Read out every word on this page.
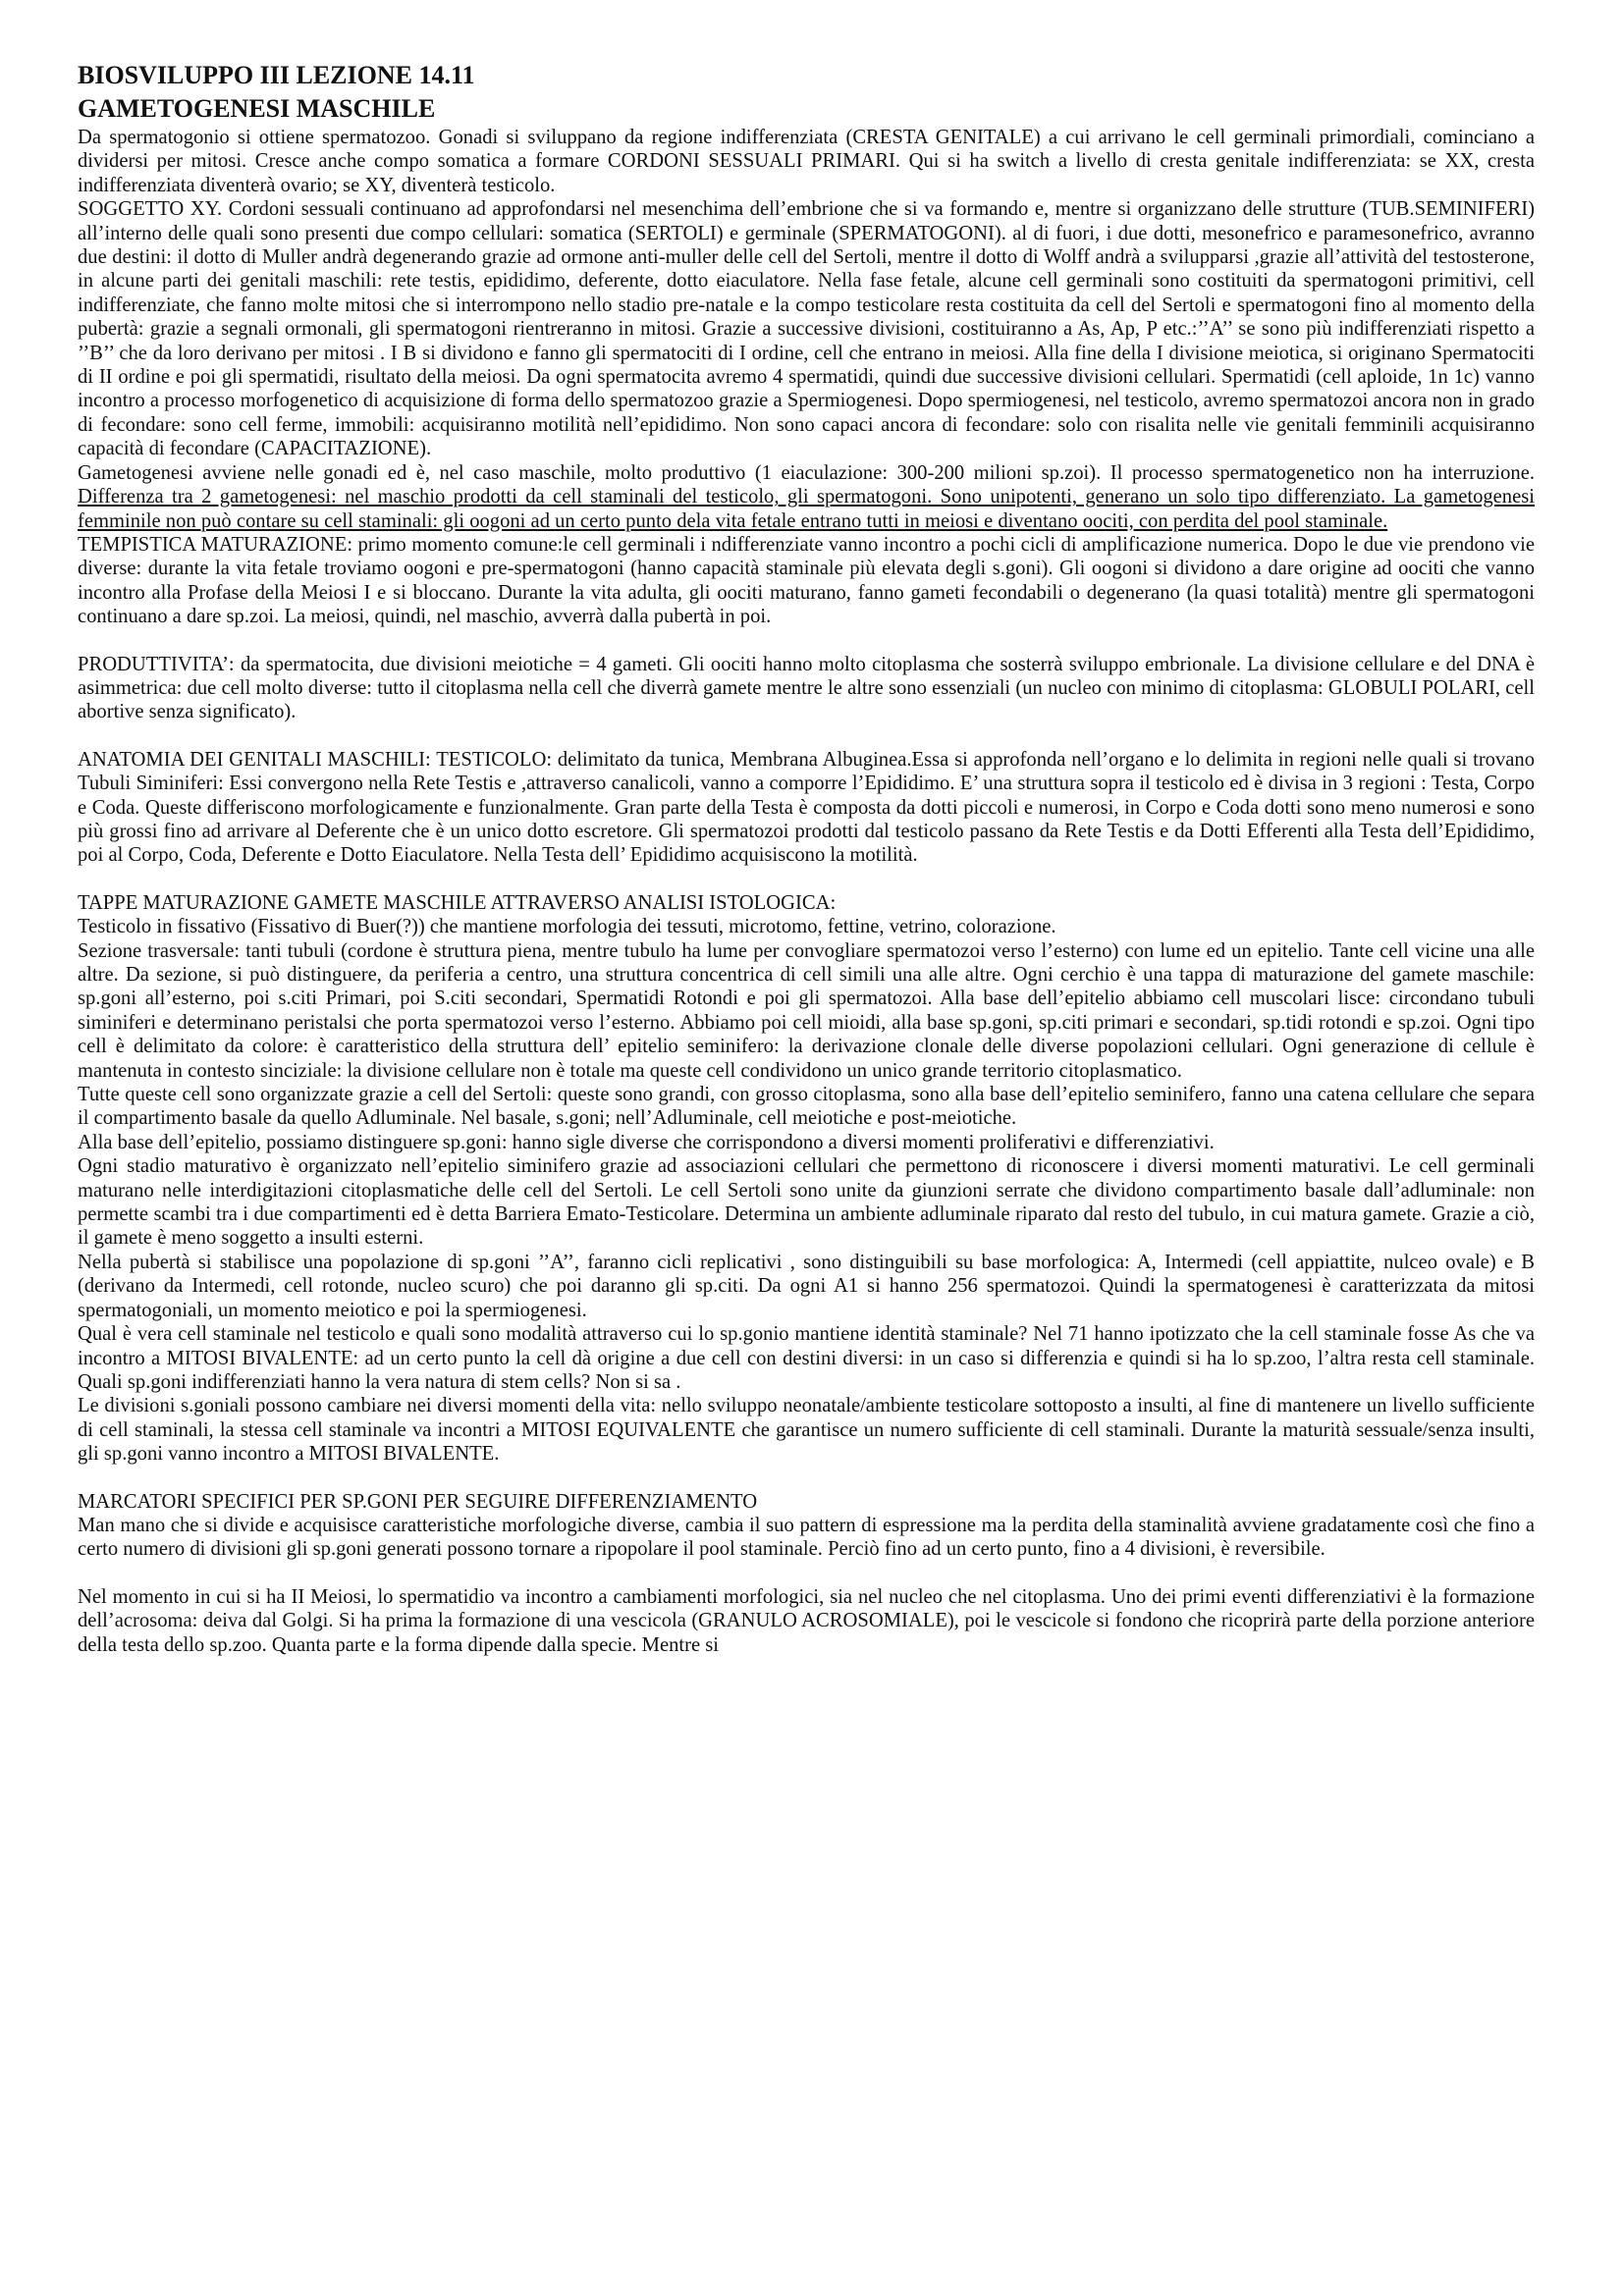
BIOSVILUPPO III LEZIONE 14.11
GAMETOGENESI MASCHILE

Da spermatogonio si ottiene spermatozoo. Gonadi si sviluppano da regione indifferenziata (CRESTA GENITALE) a cui arrivano le cell germinali primordiali, cominciano a dividersi per mitosi. Cresce anche compo somatica a formare CORDONI SESSUALI PRIMARI. Qui si ha switch a livello di cresta genitale indifferenziata: se XX, cresta indifferenziata diventerà ovario; se XY, diventerà testicolo.

SOGGETTO XY. Cordoni sessuali continuano ad approfondarsi nel mesenchima dell’embrione che si va formando e, mentre si organizzano delle strutture (TUB.SEMINIFERI) all’interno delle quali sono presenti due compo cellulari: somatica (SERTOLI) e germinale (SPERMATOGONI). al di fuori, i due dotti, mesonefrico e paramesonefrico, avranno due destini: il dotto di Muller andrà degenerando grazie ad ormone anti-muller delle cell del Sertoli, mentre il dotto di Wolff andrà a svilupparsi ,grazie all’attività del testosterone, in alcune parti dei genitali maschili: rete testis, epididimo, deferente, dotto eiaculatore. Nella fase fetale, alcune cell germinali sono costituiti da spermatogoni primitivi, cell indifferenziate, che fanno molte mitosi che si interrompono nello stadio pre-natale e la compo testicolare resta costituita da cell del Sertoli e spermatogoni fino al momento della pubertà: grazie a segnali ormonali, gli spermatogoni rientreranno in mitosi. Grazie a successive divisioni, costituiranno a As, Ap, P etc.:’’A’’ se sono più indifferenziati rispetto a ’’B’’ che da loro derivano per mitosi . I B si dividono e fanno gli spermatociti di I ordine, cell che entrano in meiosi. Alla fine della I divisione meiotica, si originano Spermatociti di II ordine e poi gli spermatidi, risultato della meiosi. Da ogni spermatocita avremo 4 spermatidi, quindi due successive divisioni cellulari. Spermatidi (cell aploide, 1n 1c) vanno incontro a processo morfogenetico di acquisizione di forma dello spermatozoo grazie a Spermiogenesi. Dopo spermiogenesi, nel testicolo, avremo spermatozoi ancora non in grado di fecondare: sono cell ferme, immobili: acquisiranno motilità nell’epididimo. Non sono capaci ancora di fecondare: solo con risalita nelle vie genitali femminili acquisiranno capacità di fecondare (CAPACITAZIONE).

Gametogenesi avviene nelle gonadi ed è, nel caso maschile, molto produttivo (1 eiaculazione: 300-200 milioni sp.zoi). Il processo spermatogenetico non ha interruzione. Differenza tra 2 gametogenesi: nel maschio prodotti da cell staminali del testicolo, gli spermatogoni. Sono unipotenti, generano un solo tipo differenziato. La gametogenesi femminile non può contare su cell staminali: gli oogoni ad un certo punto dela vita fetale entrano tutti in meiosi e diventano oociti, con perdita del pool staminale.

TEMPISTICA MATURAZIONE: primo momento comune:le cell germinali i ndifferenziate vanno incontro a pochi cicli di amplificazione numerica. Dopo le due vie prendono vie diverse: durante la vita fetale troviamo oogoni e pre-spermatogoni (hanno capacità staminale più elevata degli s.goni). Gli oogoni si dividono a dare origine ad oociti che vanno incontro alla Profase della Meiosi I e si bloccano. Durante la vita adulta, gli oociti maturano, fanno gameti fecondabili o degenerano (la quasi totalità) mentre gli spermatogoni continuano a dare sp.zoi. La meiosi, quindi, nel maschio, avverrà dalla pubertà in poi.

PRODUTTIVITA’: da spermatocita, due divisioni meiotiche = 4 gameti. Gli oociti hanno molto citoplasma che sosterrà sviluppo embrionale. La divisione cellulare e del DNA è asimmetrica: due cell molto diverse: tutto il citoplasma nella cell che diverrà gamete mentre le altre sono essenziali (un nucleo con minimo di citoplasma: GLOBULI POLARI, cell abortive senza significato).

ANATOMIA DEI GENITALI MASCHILI: TESTICOLO: delimitato da tunica, Membrana Albuginea.Essa si approfonda nell’organo e lo delimita in regioni nelle quali si trovano Tubuli Siminiferi: Essi convergono nella Rete Testis e ,attraverso canalicoli, vanno a comporre l’Epididimo. E’ una struttura sopra il testicolo ed è divisa in 3 regioni : Testa, Corpo e Coda. Queste differiscono morfologicamente e funzionalmente. Gran parte della Testa è composta da dotti piccoli e numerosi, in Corpo e Coda dotti sono meno numerosi e sono più grossi fino ad arrivare al Deferente che è un unico dotto escretore. Gli spermatozoi prodotti dal testicolo passano da Rete Testis e da Dotti Efferenti alla Testa dell’Epididimo, poi al Corpo, Coda, Deferente e Dotto Eiaculatore. Nella Testa dell’ Epididimo acquisiscono la motilità.

TAPPE MATURAZIONE GAMETE MASCHILE ATTRAVERSO ANALISI ISTOLOGICA:

Testicolo in fissativo (Fissativo di Buer(?)) che mantiene morfologia dei tessuti, microtomo, fettine, vetrino, colorazione.

Sezione trasversale: tanti tubuli (cordone è struttura piena, mentre tubulo ha lume per convogliare spermatozoi verso l’esterno) con lume ed un epitelio. Tante cell vicine una alle altre. Da sezione, si può distinguere, da periferia a centro, una struttura concentrica di cell simili una alle altre. Ogni cerchio è una tappa di maturazione del gamete maschile: sp.goni all’esterno, poi s.citi Primari, poi S.citi secondari, Spermatidi Rotondi e poi gli spermatozoi. Alla base dell’epitelio abbiamo cell muscolari lisce: circondano tubuli siminiferi e determinano peristalsi che porta spermatozoi verso l’esterno. Abbiamo poi cell mioidi, alla base sp.goni, sp.citi primari e secondari, sp.tidi rotondi e sp.zoi. Ogni tipo cell è delimitato da colore: è caratteristico della struttura dell’ epitelio seminifero: la derivazione clonale delle diverse popolazioni cellulari. Ogni generazione di cellule è mantenuta in contesto sinciziale: la divisione cellulare non è totale ma queste cell condividono un unico grande territorio citoplasmatico.

Tutte queste cell sono organizzate grazie a cell del Sertoli: queste sono grandi, con grosso citoplasma, sono alla base dell’epitelio seminifero, fanno una catena cellulare che separa il compartimento basale da quello Adluminale. Nel basale, s.goni; nell’Adluminale, cell meiotiche e post-meiotiche.

Alla base dell’epitelio, possiamo distinguere sp.goni: hanno sigle diverse che corrispondono a diversi momenti proliferativi e differenziativi.

Ogni stadio maturativo è organizzato nell’epitelio siminifero grazie ad associazioni cellulari che permettono di riconoscere i diversi momenti maturativi. Le cell germinali maturano nelle interdigitazioni citoplasmatiche delle cell del Sertoli. Le cell Sertoli sono unite da giunzioni serrate che dividono compartimento basale dall’adluminale: non permette scambi tra i due compartimenti ed è detta Barriera Emato-Testicolare. Determina un ambiente adluminale riparato dal resto del tubulo, in cui matura gamete. Grazie a ciò, il gamete è meno soggetto a insulti esterni.

Nella pubertà si stabilisce una popolazione di sp.goni ’’A’’, faranno cicli replicativi , sono distinguibili su base morfologica: A, Intermedi (cell appiattite, nulceo ovale) e B (derivano da Intermedi, cell rotonde, nucleo scuro) che poi daranno gli sp.citi. Da ogni A1 si hanno 256 spermatozoi. Quindi la spermatogenesi è caratterizzata da mitosi spermatogoniali, un momento meiotico e poi la spermiogenesi.

Qual è vera cell staminale nel testicolo e quali sono modalità attraverso cui lo sp.gonio mantiene identità staminale? Nel 71 hanno ipotizzato che la cell staminale fosse As che va incontro a MITOSI BIVALENTE: ad un certo punto la cell dà origine a due cell con destini diversi: in un caso si differenzia e quindi si ha lo sp.zoo, l’altra resta cell staminale. Quali sp.goni indifferenziati hanno la vera natura di stem cells? Non si sa .

Le divisioni s.goniali possono cambiare nei diversi momenti della vita: nello sviluppo neonatale/ambiente testicolare sottoposto a insulti, al fine di mantenere un livello sufficiente di cell staminali, la stessa cell staminale va incontri a MITOSI EQUIVALENTE che garantisce un numero sufficiente di cell staminali. Durante la maturità sessuale/senza insulti, gli sp.goni vanno incontro a MITOSI BIVALENTE.

MARCATORI SPECIFICI PER SP.GONI PER SEGUIRE DIFFERENZIAMENTO

Man mano che si divide e acquisisce caratteristiche morfologiche diverse, cambia il suo pattern di espressione ma la perdita della staminalità avviene gradatamente così che fino a certo numero di divisioni gli sp.goni generati possono tornare a ripopolare il pool staminale. Perciò fino ad un certo punto, fino a 4 divisioni, è reversibile.

Nel momento in cui si ha II Meiosi, lo spermatidio va incontro a cambiamenti morfologici, sia nel nucleo che nel citoplasma. Uno dei primi eventi differenziativi è la formazione dell’acrosoma: deiva dal Golgi. Si ha prima la formazione di una vescicola (GRANULO ACROSOMIALE), poi le vescicole si fondono che ricoprirà parte della porzione anteriore della testa dello sp.zoo. Quanta parte e la forma dipende dalla specie. Mentre si
